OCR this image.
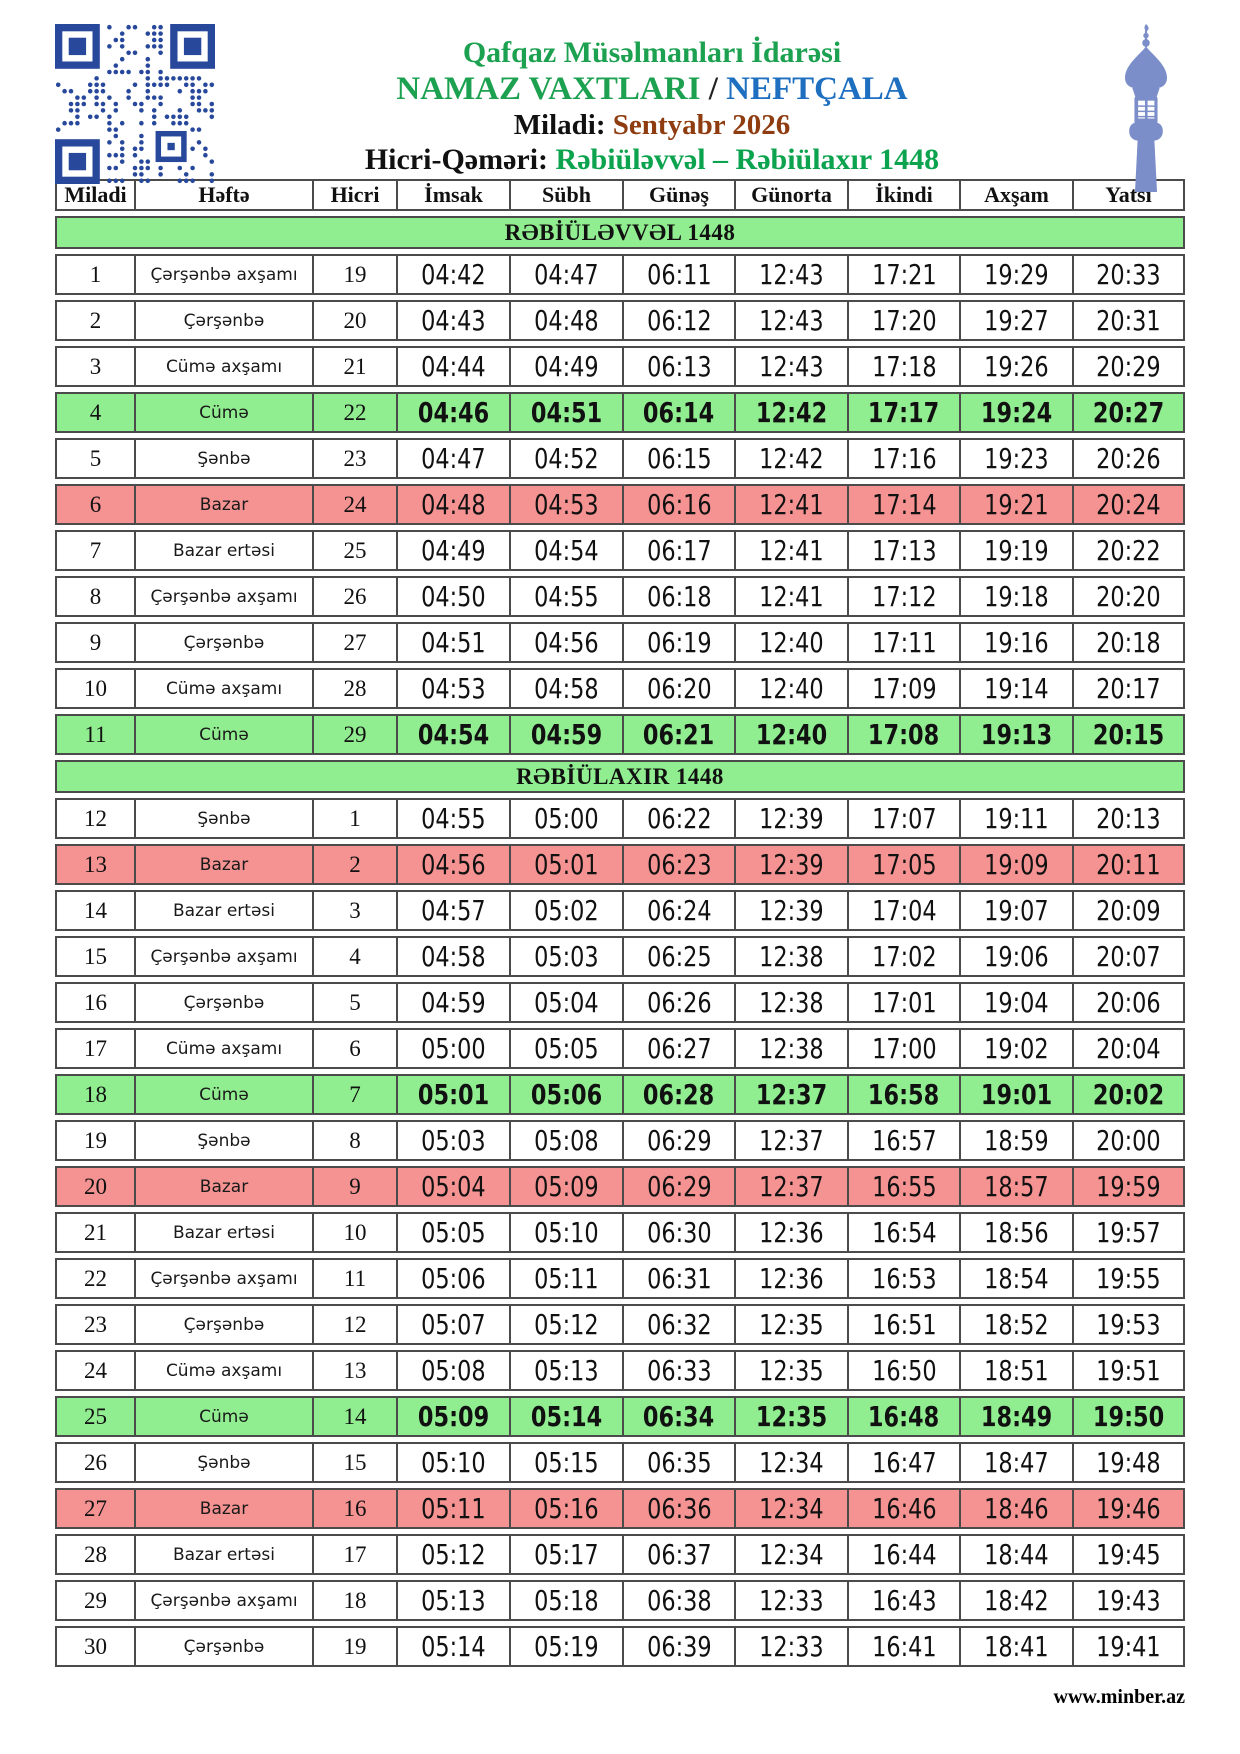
Qafqaz Müsəlmanları İdarəsi
NAMAZ VAXTLARI / NEFTÇALA
Miladi: Sentyabr 2026
Hicri-Qəməri: Rəbiüləvvəl – Rəbiülaxır 1448
Miladi	Həftə	Hicri	İmsak	Sübh	Günəş	Günorta	İkindi	Axşam	Yatsı
RƏBİÜLƏVVƏL 1448									
1	Çərşənbə axşamı	19	04:42	04:47	06:11	12:43	17:21	19:29	20:33
2	Çərşənbə	20	04:43	04:48	06:12	12:43	17:20	19:27	20:31
3	Cümə axşamı	21	04:44	04:49	06:13	12:43	17:18	19:26	20:29
4	Cümə	22	04:46	04:51	06:14	12:42	17:17	19:24	20:27
5	Şənbə	23	04:47	04:52	06:15	12:42	17:16	19:23	20:26
6	Bazar	24	04:48	04:53	06:16	12:41	17:14	19:21	20:24
7	Bazar ertəsi	25	04:49	04:54	06:17	12:41	17:13	19:19	20:22
8	Çərşənbə axşamı	26	04:50	04:55	06:18	12:41	17:12	19:18	20:20
9	Çərşənbə	27	04:51	04:56	06:19	12:40	17:11	19:16	20:18
10	Cümə axşamı	28	04:53	04:58	06:20	12:40	17:09	19:14	20:17
11	Cümə	29	04:54	04:59	06:21	12:40	17:08	19:13	20:15
RƏBİÜLAXIR 1448									
12	Şənbə	1	04:55	05:00	06:22	12:39	17:07	19:11	20:13
13	Bazar	2	04:56	05:01	06:23	12:39	17:05	19:09	20:11
14	Bazar ertəsi	3	04:57	05:02	06:24	12:39	17:04	19:07	20:09
15	Çərşənbə axşamı	4	04:58	05:03	06:25	12:38	17:02	19:06	20:07
16	Çərşənbə	5	04:59	05:04	06:26	12:38	17:01	19:04	20:06
17	Cümə axşamı	6	05:00	05:05	06:27	12:38	17:00	19:02	20:04
18	Cümə	7	05:01	05:06	06:28	12:37	16:58	19:01	20:02
19	Şənbə	8	05:03	05:08	06:29	12:37	16:57	18:59	20:00
20	Bazar	9	05:04	05:09	06:29	12:37	16:55	18:57	19:59
21	Bazar ertəsi	10	05:05	05:10	06:30	12:36	16:54	18:56	19:57
22	Çərşənbə axşamı	11	05:06	05:11	06:31	12:36	16:53	18:54	19:55
23	Çərşənbə	12	05:07	05:12	06:32	12:35	16:51	18:52	19:53
24	Cümə axşamı	13	05:08	05:13	06:33	12:35	16:50	18:51	19:51
25	Cümə	14	05:09	05:14	06:34	12:35	16:48	18:49	19:50
26	Şənbə	15	05:10	05:15	06:35	12:34	16:47	18:47	19:48
27	Bazar	16	05:11	05:16	06:36	12:34	16:46	18:46	19:46
28	Bazar ertəsi	17	05:12	05:17	06:37	12:34	16:44	18:44	19:45
29	Çərşənbə axşamı	18	05:13	05:18	06:38	12:33	16:43	18:42	19:43
30	Çərşənbə	19	05:14	05:19	06:39	12:33	16:41	18:41	19:41
www.minber.az
